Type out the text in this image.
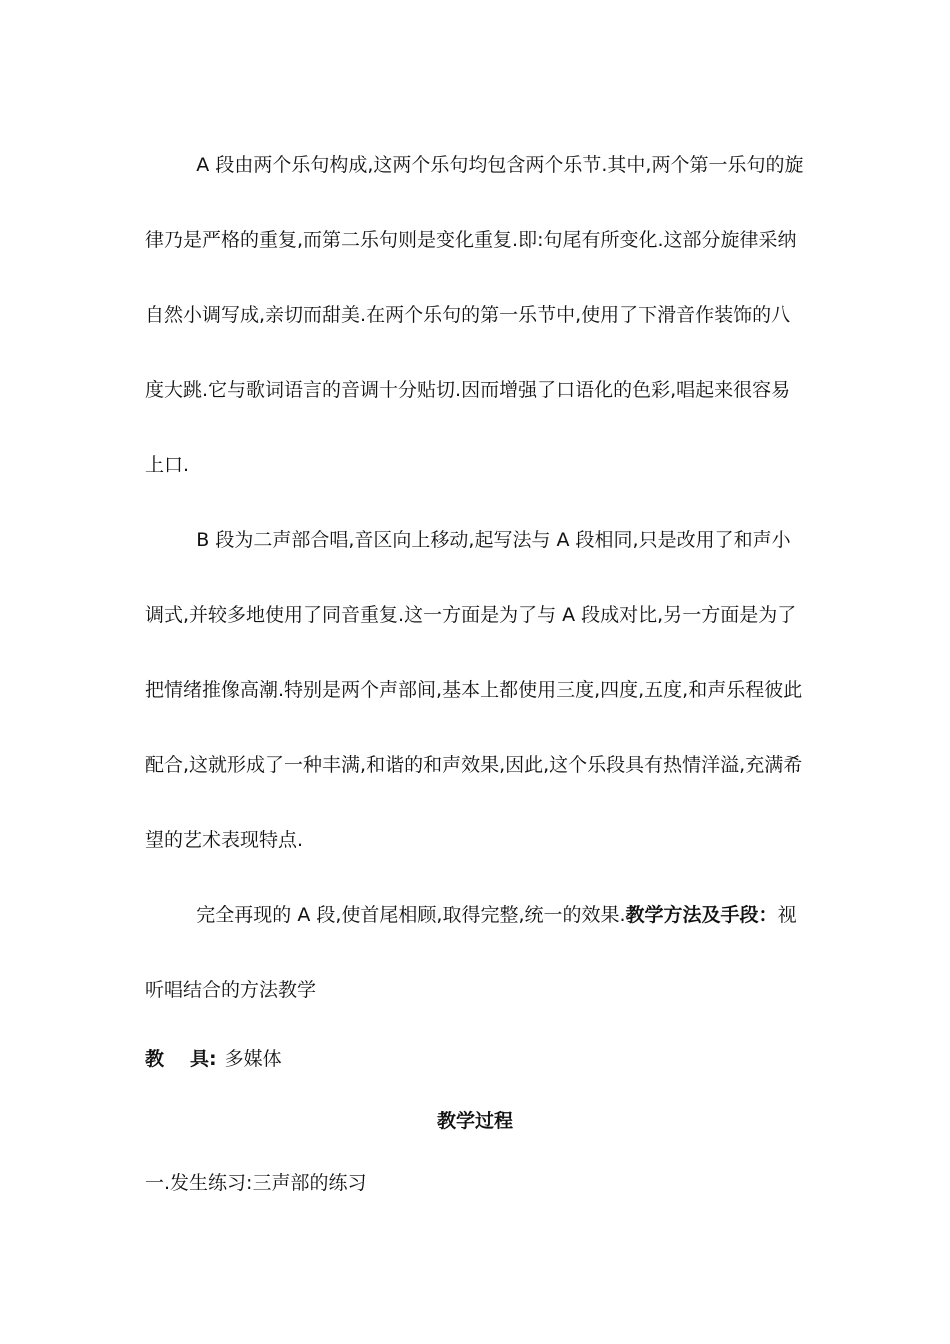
A 段由两个乐句构成,这两个乐句均包含两个乐节.其中,两个第一乐句的旋律乃是严格的重复,而第二乐句则是变化重复.即:句尾有所变化.这部分旋律采纳自然小调写成,亲切而甜美.在两个乐句的第一乐节中,使用了下滑音作装饰的八度大跳.它与歌词语言的音调十分贴切.因而增强了口语化的色彩,唱起来很容易上口.

B 段为二声部合唱,音区向上移动,起写法与 A 段相同,只是改用了和声小调式,并较多地使用了同音重复.这一方面是为了与 A 段成对比,另一方面是为了把情绪推像高潮.特别是两个声部间,基本上都使用三度,四度,五度,和声乐程彼此配合,这就形成了一种丰满,和谐的和声效果,因此,这个乐段具有热情洋溢,充满希望的艺术表现特点.

完全再现的 A 段,使首尾相顾,取得完整,统一的效果.教学方法及手段：视听唱结合的方法教学

教 具: 多媒体

教学过程

一.发生练习:三声部的练习
